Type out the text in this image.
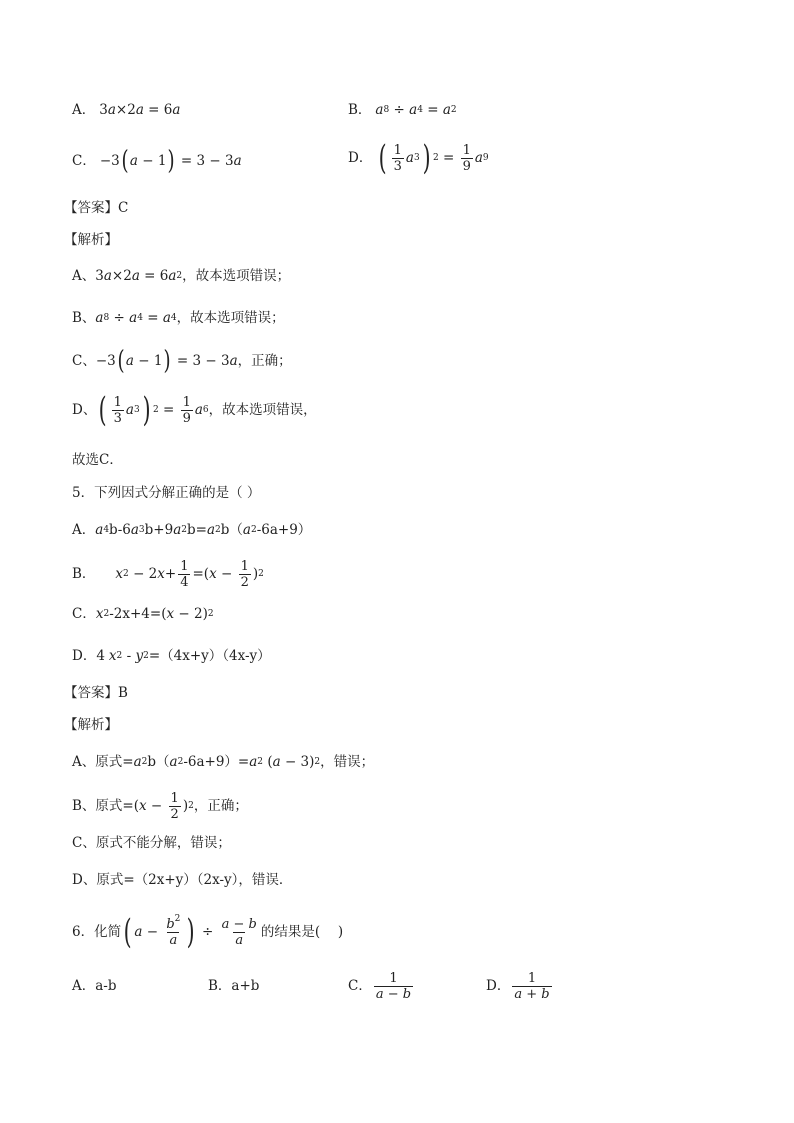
A． 3 a ×2 a = 6 a	B． a 8 ÷ a 4 = a 2
C． −3 ( a − 1 ) = 3 − 3 a	D． ( $\frac{1}{3}$ a 3 ) $2 = \frac{1}{9}$ a 9
【答案】C
【解析】
A、 3 a ×2 a = 6 a 2 ，故本选项错误；
B、 a 8 ÷ a 4 = a 4 ，故本选项错误；
C、 −3 ( a − 1 ) = 3 − 3 a ，正确；
D、 ( $\frac{1}{3}$ a 3 ) $2 = \frac{1}{9}$ a 6 ，故本选项错误，
故选C．
5．下列因式分解正确的是（ ）
A． a 4 b-6 a 3 b+9 a 2 b= a 2 b（ a 2 -6a+9）
B． x 2 − 2 $x + \frac{1}{4}$ =( $x - \frac{1}{2}$ ) 2
C． x 2 -2x+4= ( x − 2) 2
D．4 x 2 - y 2 =（4x+y）（4x-y）
【答案】B
【解析】
A、原式= a 2 b（ a 2 -6a+9）= a 2 ( a − 3) 2 ，错误；
B、原式= ( $x - \frac{1}{2}$ ) 2 ，正确；
C、原式不能分解，错误；
D、原式=（2x+y）（2x-y），错误．
6．化简 ( $a - \frac{b^2}{a}$ ) ÷ $\frac{a - b}{a}$ 的结果是(　 )
A．a-b	B．a+b	C． $\frac{1}{a - b}$	D． $\frac{1}{a + b}$
